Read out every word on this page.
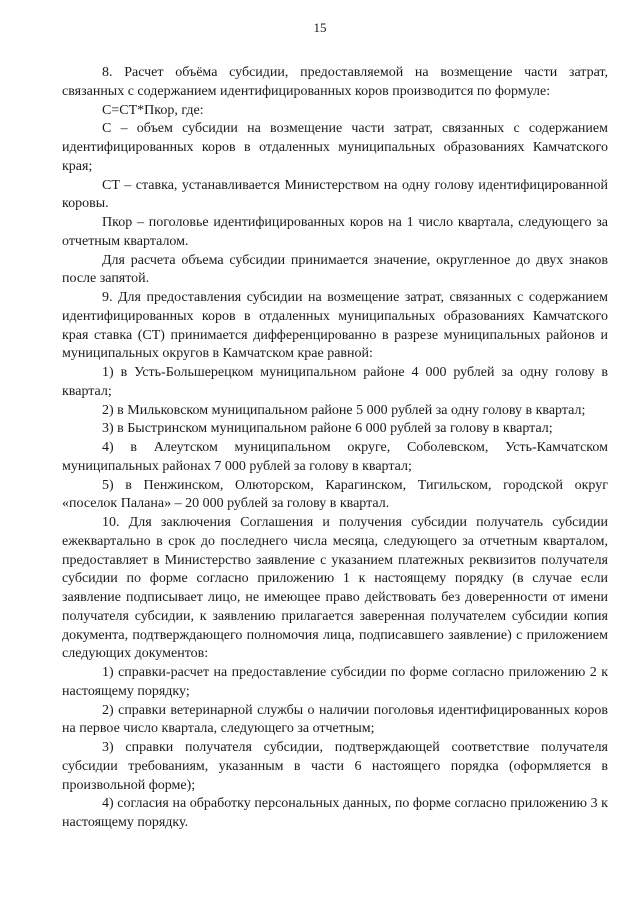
15

8. Расчет объёма субсидии, предоставляемой на возмещение части затрат, связанных с содержанием идентифицированных коров производится по формуле:

С=СТ*Пкор, где:

С – объем субсидии на возмещение части затрат, связанных с содержанием идентифицированных коров в отдаленных муниципальных образованиях Камчатского края;

СТ – ставка, устанавливается Министерством на одну голову идентифицированной коровы.

Пкор – поголовье идентифицированных коров на 1 число квартала, следующего за отчетным кварталом.

Для расчета объема субсидии принимается значение, округленное до двух знаков после запятой.

9. Для предоставления субсидии на возмещение затрат, связанных с содержанием идентифицированных коров в отдаленных муниципальных образованиях Камчатского края ставка (СТ) принимается дифференцированно в разрезе муниципальных районов и муниципальных округов в Камчатском крае равной:

1) в Усть-Большерецком муниципальном районе 4 000 рублей за одну голову в квартал;

2) в Мильковском муниципальном районе 5 000 рублей за одну голову в квартал;

3) в Быстринском муниципальном районе 6 000 рублей за голову в квартал;

4) в Алеутском муниципальном округе, Соболевском, Усть-Камчатском муниципальных районах 7 000 рублей за голову в квартал;

5) в Пенжинском, Олюторском, Карагинском, Тигильском, городской округ «поселок Палана» – 20 000 рублей за голову в квартал.

10. Для заключения Соглашения и получения субсидии получатель субсидии ежеквартально в срок до последнего числа месяца, следующего за отчетным кварталом, предоставляет в Министерство заявление с указанием платежных реквизитов получателя субсидии по форме согласно приложению 1 к настоящему порядку (в случае если заявление подписывает лицо, не имеющее право действовать без доверенности от имени получателя субсидии, к заявлению прилагается заверенная получателем субсидии копия документа, подтверждающего полномочия лица, подписавшего заявление) с приложением следующих документов:

1) справки-расчет на предоставление субсидии по форме согласно приложению 2 к настоящему порядку;

2) справки ветеринарной службы о наличии поголовья идентифицированных коров на первое число квартала, следующего за отчетным;

3) справки получателя субсидии, подтверждающей соответствие получателя субсидии требованиям, указанным в части 6 настоящего порядка (оформляется в произвольной форме);

4) согласия на обработку персональных данных, по форме согласно приложению 3 к настоящему порядку.
